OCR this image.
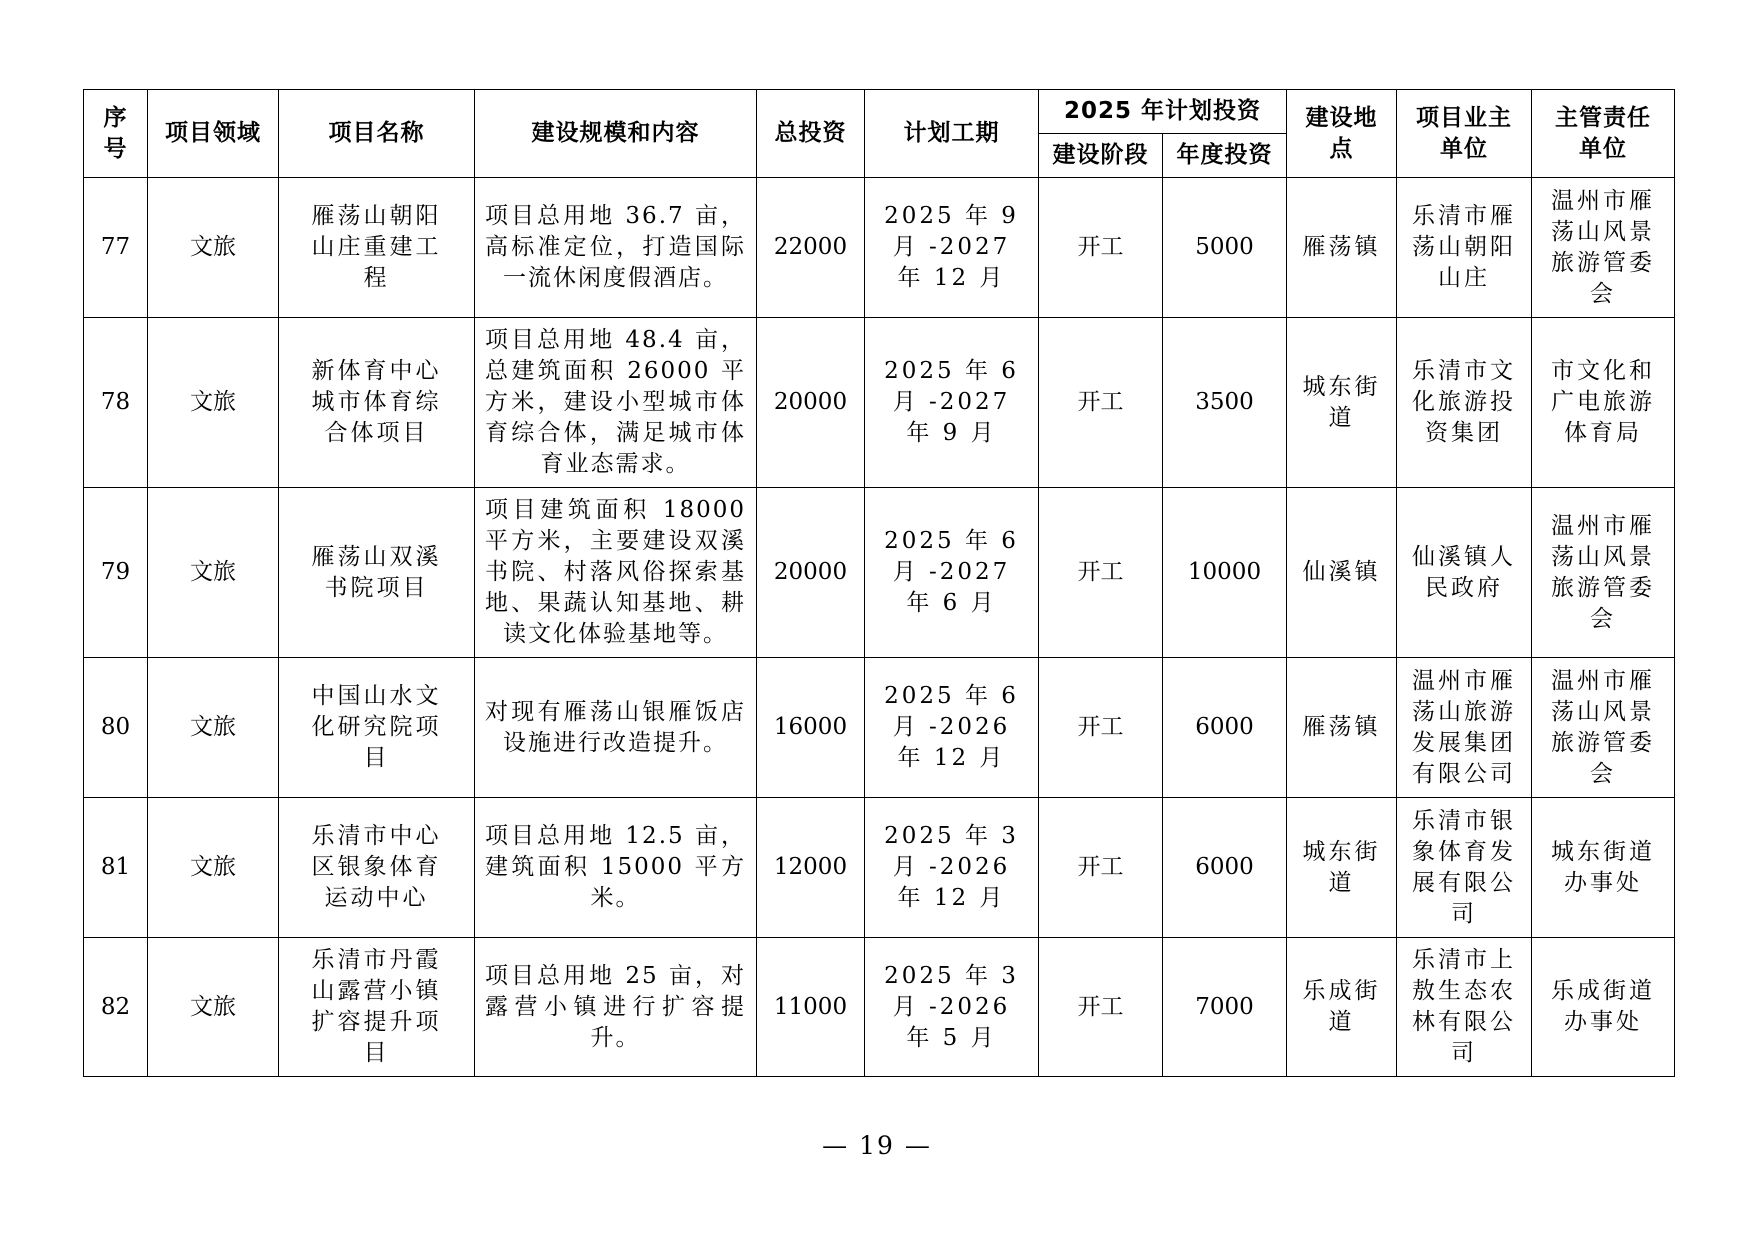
序号	项目领域	项目名称	建设规模和内容	总投资	计划工期	2025 年计划投资		建设地点	项目业主单位	主管责任单位
						建设阶段	年度投资			
77	文旅	雁荡山朝阳山庄重建工程	项目总用地 36.7 亩，高标准定位，打造国际一流休闲度假酒店。	22000	2025 年 9 月 -2027 年 12 月	开工	5000	雁荡镇	乐清市雁荡山朝阳山庄	温州市雁荡山风景旅游管委会
78	文旅	新体育中心城市体育综合体项目	项目总用地 48.4 亩，总建筑面积 26000 平方米，建设小型城市体育综合体，满足城市体育业态需求。	20000	2025 年 6 月 -2027 年 9 月	开工	3500	城东街道	乐清市文化旅游投资集团	市文化和广电旅游体育局
79	文旅	雁荡山双溪书院项目	项目建筑面积 18000 平方米，主要建设双溪书院、村落风俗探索基地、果蔬认知基地、耕读文化体验基地等。	20000	2025 年 6 月 -2027 年 6 月	开工	10000	仙溪镇	仙溪镇人民政府	温州市雁荡山风景旅游管委会
80	文旅	中国山水文化研究院项目	对现有雁荡山银雁饭店设施进行改造提升。	16000	2025 年 6 月 -2026 年 12 月	开工	6000	雁荡镇	温州市雁荡山旅游发展集团有限公司	温州市雁荡山风景旅游管委会
81	文旅	乐清市中心区银象体育运动中心	项目总用地 12.5 亩，建筑面积 15000 平方米。	12000	2025 年 3 月 -2026 年 12 月	开工	6000	城东街道	乐清市银象体育发展有限公司	城东街道办事处
82	文旅	乐清市丹霞山露营小镇扩容提升项目	项目总用地 25 亩，对露营小镇进行扩容提升。	11000	2025 年 3 月 -2026 年 5 月	开工	7000	乐成街道	乐清市上敖生态农林有限公司	乐成街道办事处
— 19 —
